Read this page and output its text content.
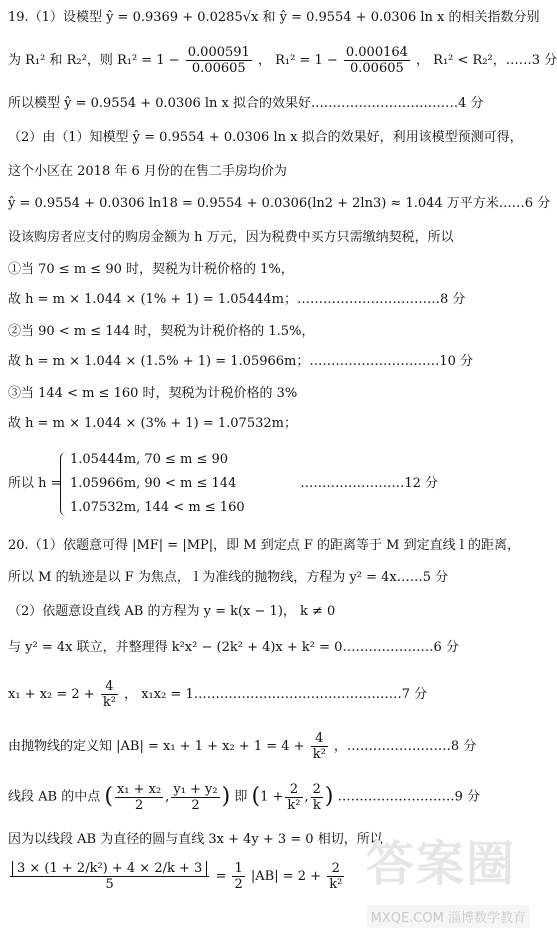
19.（1）设模型 ŷ = 0.9369 + 0.0285√x 和 ŷ = 0.9554 + 0.0306 ln x 的相关指数分别
为 R₁² 和 R₂²，则 $R_1^2 = 1 - \frac{0.000591}{0.00605}$ ， $R_1^2 = 1 - \frac{0.000164}{0.00605}$ ， R₁² < R₂²，……3 分
所以模型 ŷ = 0.9554 + 0.0306 ln x 拟合的效果好.……………………………4 分
（2）由（1）知模型 ŷ = 0.9554 + 0.0306 ln x 拟合的效果好，利用该模型预测可得，
这个小区在 2018 年 6 月份的在售二手房均价为
ŷ = 0.9554 + 0.0306 ln18 = 0.9554 + 0.0306(ln2 + 2ln3) ≈ 1.044 万平方米……6 分
设该购房者应支付的购房金额为 h 万元，因为税费中买方只需缴纳契税，所以
①当 70 ≤ m ≤ 90 时，契税为计税价格的 1%，
故 h = m × 1.044 × (1% + 1) = 1.05444m；……………………………8 分
②当 90 < m ≤ 144 时，契税为计税价格的 1.5%，
故 h = m × 1.044 × (1.5% + 1) = 1.05966m；…………………………10 分
③当 144 < m ≤ 160 时，契税为计税价格的 3%
故 h = m × 1.044 × (3% + 1) = 1.07532m；
所以 h =	……………………12 分
1.05444m, 70 ≤ m ≤ 90
1.05966m, 90 < m ≤ 144
1.07532m, 144 < m ≤ 160
20.（1）依题意可得 |MF| = |MP|，即 M 到定点 F 的距离等于 M 到定直线 l 的距离，
所以 M 的轨迹是以 F 为焦点， l 为准线的抛物线，方程为 y² = 4x……5 分
（2）依题意设直线 AB 的方程为 y = k(x − 1)， k ≠ 0
与 y² = 4x 联立，并整理得 k²x² − (2k² + 4)x + k² = 0…………………6 分
$x_1 + x_2 = 2 + \frac{4}{\text{k²}}$ ， x₁x₂ = 1…………………………………………7 分
由抛物线的定义知 $|AB| = x_1 + 1 + x_2 + 1 = 4 + \frac{4}{\text{k²}}$ ，……………………8 分
线段 AB 的中点 ( $\frac{\text{x₁ + x₂}}{2}$ , $\frac{\text{y₁ + y₂}}{2}$ ) 即 ($1 + \frac{2}{\text{k²}}$ , $\frac{2}{k}$ ) ………………………9 分
因为以线段 AB 为直径的圆与直线 3x + 4y + 3 = 0 相切，所以
$\frac{\text{3 × (1 + 2/k²) + 4 × 2/k + 3}}{5} = \frac{1}{2} |AB| = 2 + \frac{2}{\text{k²}}$ 答案圈
MXQE.COM 淄博数学教育
